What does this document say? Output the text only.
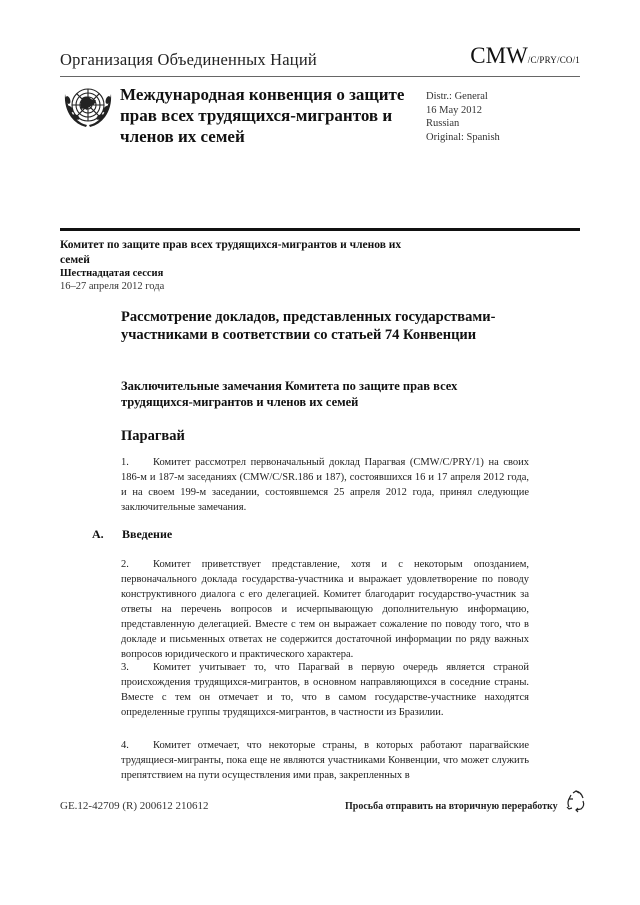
Организация Объединенных Наций	CMW/C/PRY/CO/1
Международная конвенция о защите прав всех трудящихся-мигрантов и членов их семей
Distr.: General
16 May 2012
Russian
Original: Spanish
Комитет по защите прав всех трудящихся-мигрантов и членов их семей
Шестнадцатая сессия
16–27 апреля 2012 года
Рассмотрение докладов, представленных государствами-участниками в соответствии со статьей 74 Конвенции
Заключительные замечания Комитета по защите прав всех трудящихся-мигрантов и членов их семей
Парагвай
1. Комитет рассмотрел первоначальный доклад Парагвая (CMW/C/PRY/1) на своих 186-м и 187-м заседаниях (CMW/C/SR.186 и 187), состоявшихся 16 и 17 апреля 2012 года, и на своем 199-м заседании, состоявшемся 25 апреля 2012 года, принял следующие заключительные замечания.
A. Введение
2. Комитет приветствует представление, хотя и с некоторым опозданием, первоначального доклада государства-участника и выражает удовлетворение по поводу конструктивного диалога с его делегацией. Комитет благодарит государство-участник за ответы на перечень вопросов и исчерпывающую дополнительную информацию, представленную делегацией. Вместе с тем он выражает сожаление по поводу того, что в докладе и письменных ответах не содержится достаточной информации по ряду важных вопросов юридического и практического характера.
3. Комитет учитывает то, что Парагвай в первую очередь является страной происхождения трудящихся-мигрантов, в основном направляющихся в соседние страны. Вместе с тем он отмечает и то, что в самом государстве-участнике находятся определенные группы трудящихся-мигрантов, в частности из Бразилии.
4. Комитет отмечает, что некоторые страны, в которых работают парагвайские трудящиеся-мигранты, пока еще не являются участниками Конвенции, что может служить препятствием на пути осуществления ими прав, закрепленных в
GE.12-42709 (R) 200612 210612	Просьба отправить на вторичную переработку
